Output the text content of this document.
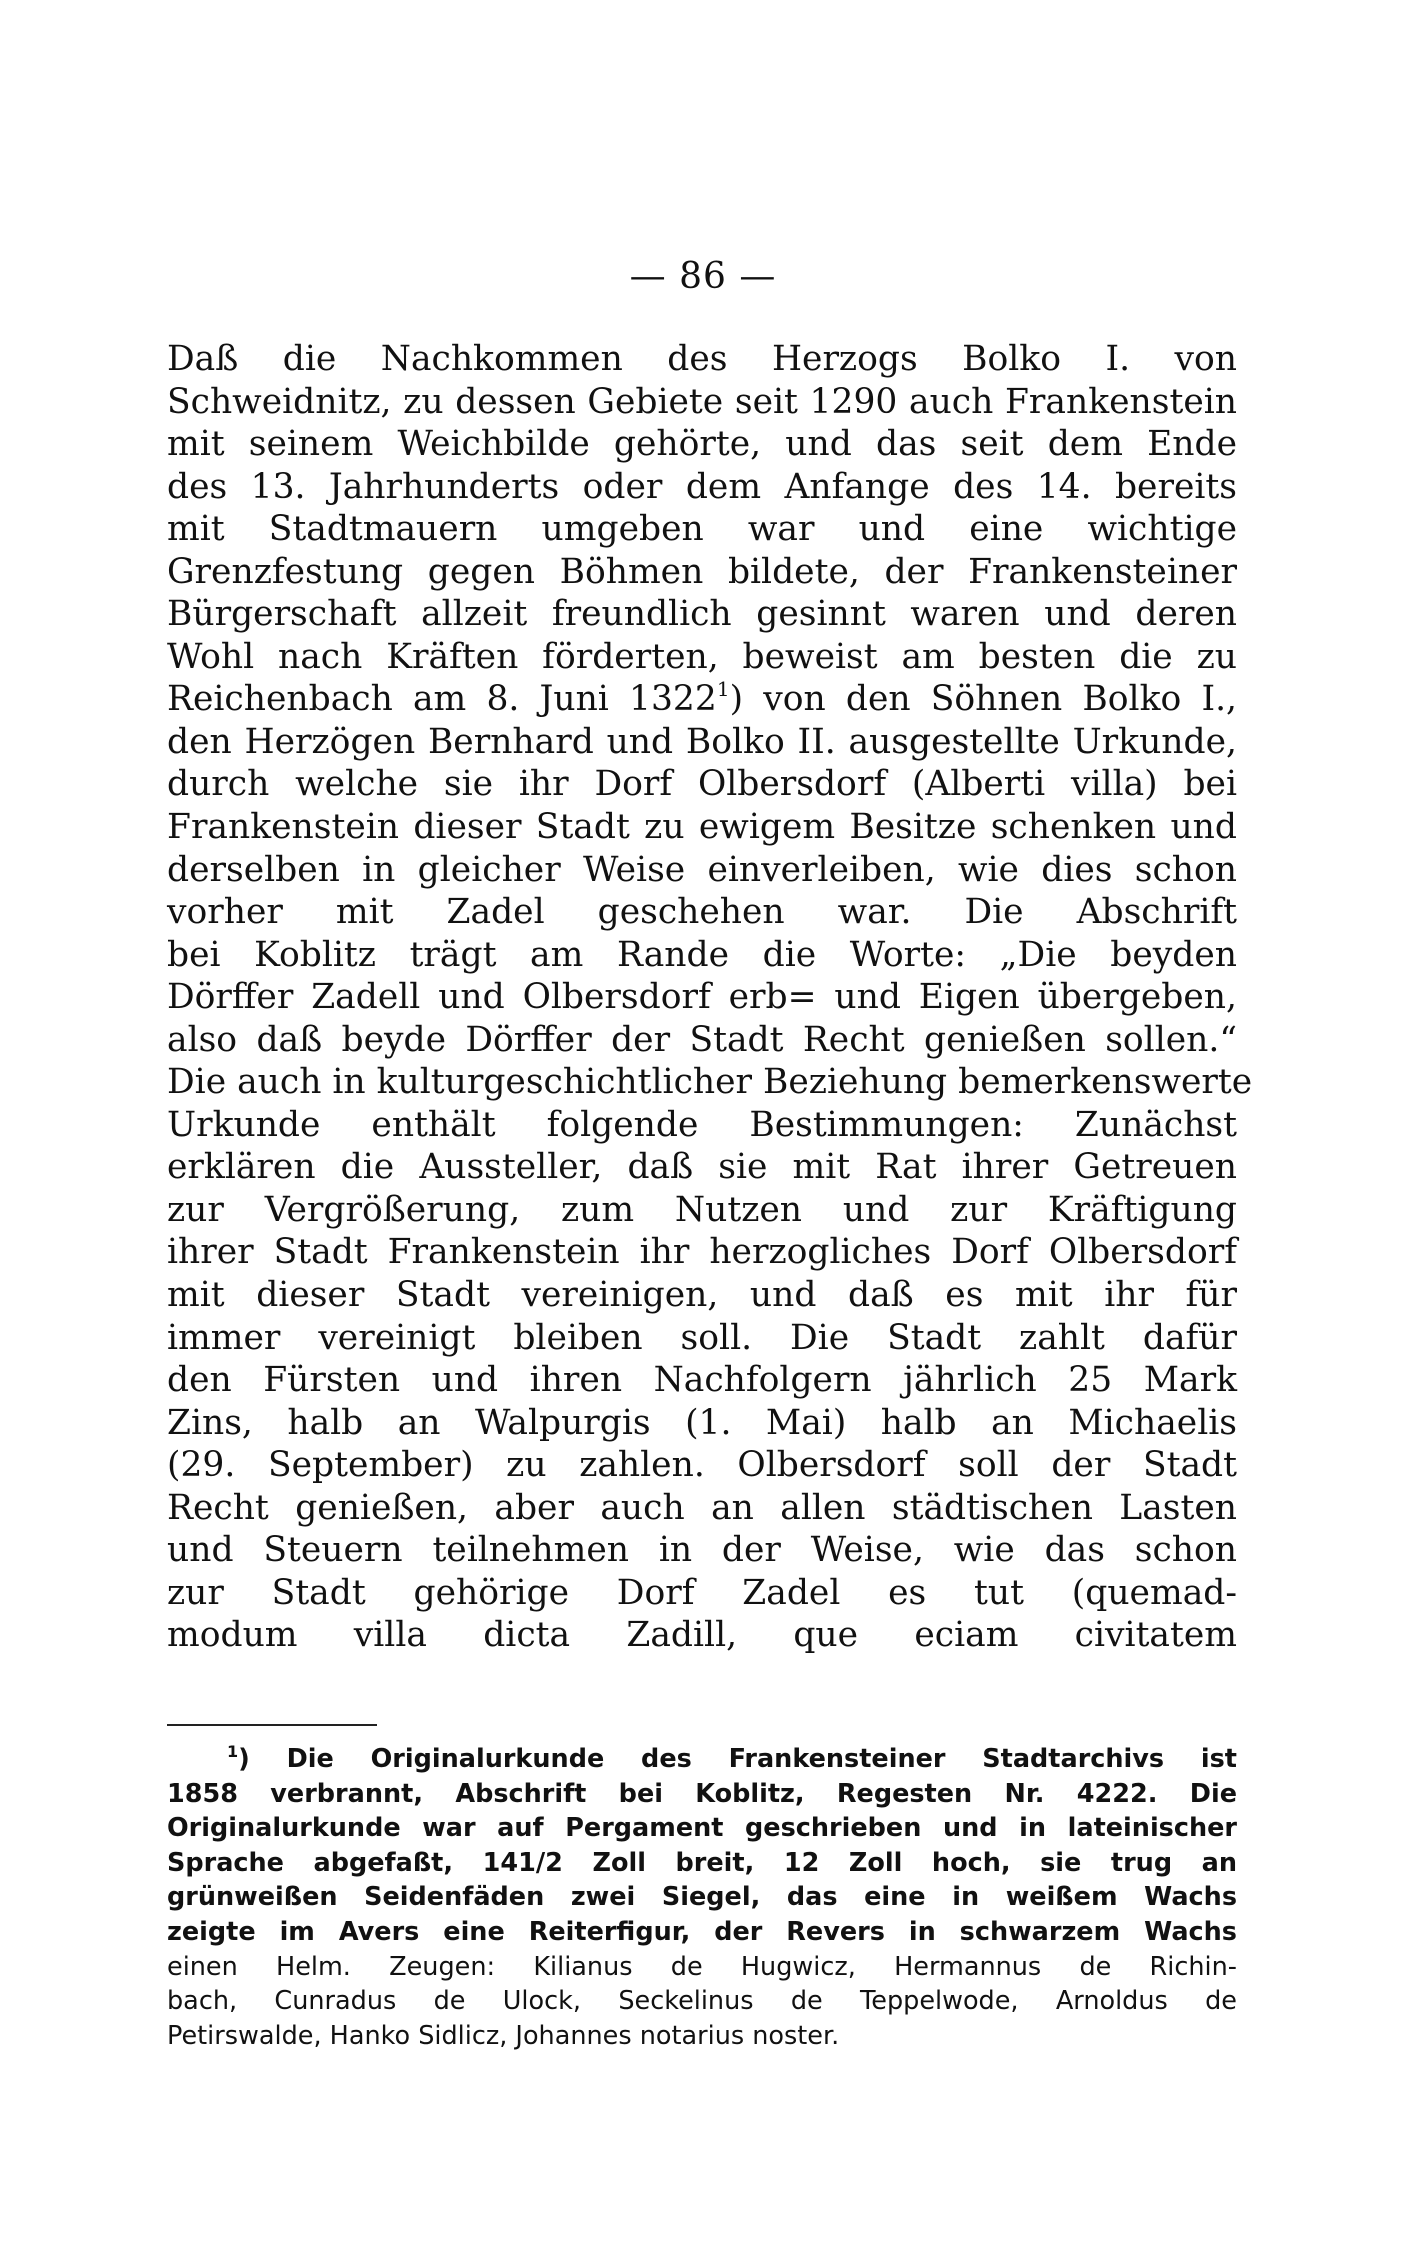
— 86 —
Daß die Nachkommen des Herzogs Bolko I. von
Schweidnitz, zu dessen Gebiete seit 1290 auch Frankenstein
mit seinem Weichbilde gehörte, und das seit dem Ende
des 13. Jahrhunderts oder dem Anfange des 14. bereits
mit Stadtmauern umgeben war und eine wichtige
Grenzfestung gegen Böhmen bildete, der Frankensteiner
Bürgerschaft allzeit freundlich gesinnt waren und deren
Wohl nach Kräften förderten, beweist am besten die zu
Reichenbach am 8. Juni 1322$^1$) von den Söhnen Bolko I.,
den Herzögen Bernhard und Bolko II. ausgestellte Urkunde,
durch welche sie ihr Dorf Olbersdorf (Alberti villa) bei
Frankenstein dieser Stadt zu ewigem Besitze schenken und
derselben in gleicher Weise einverleiben, wie dies schon
vorher mit Zadel geschehen war. Die Abschrift
bei Koblitz trägt am Rande die Worte: „Die beyden
Dörffer Zadell und Olbersdorf erb= und Eigen übergeben,
also daß beyde Dörffer der Stadt Recht genießen sollen.“
Die auch in kulturgeschichtlicher Beziehung bemerkenswerte
Urkunde enthält folgende Bestimmungen: Zunächst
erklären die Aussteller, daß sie mit Rat ihrer Getreuen
zur Vergrößerung, zum Nutzen und zur Kräftigung
ihrer Stadt Frankenstein ihr herzogliches Dorf Olbersdorf
mit dieser Stadt vereinigen, und daß es mit ihr für
immer vereinigt bleiben soll. Die Stadt zahlt dafür
den Fürsten und ihren Nachfolgern jährlich 25 Mark
Zins, halb an Walpurgis (1. Mai) halb an Michaelis
(29. September) zu zahlen. Olbersdorf soll der Stadt
Recht genießen, aber auch an allen städtischen Lasten
und Steuern teilnehmen in der Weise, wie das schon
zur Stadt gehörige Dorf Zadel es tut (quemad-
modum villa dicta Zadill, que eciam civitatem
$^1$) Die Originalurkunde des Frankensteiner Stadtarchivs ist
1858 verbrannt, Abschrift bei Koblitz, Regesten Nr. 4222. Die
Originalurkunde war auf Pergament geschrieben und in lateinischer
Sprache abgefaßt, 141/2 Zoll breit, 12 Zoll hoch, sie trug an
grünweißen Seidenfäden zwei Siegel, das eine in weißem Wachs
zeigte im Avers eine Reiterfigur, der Revers in schwarzem Wachs
einen Helm. Zeugen: Kilianus de Hugwicz, Hermannus de Richin-
bach, Cunradus de Ulock, Seckelinus de Teppelwode, Arnoldus de
Petirswalde, Hanko Sidlicz, Johannes notarius noster.
